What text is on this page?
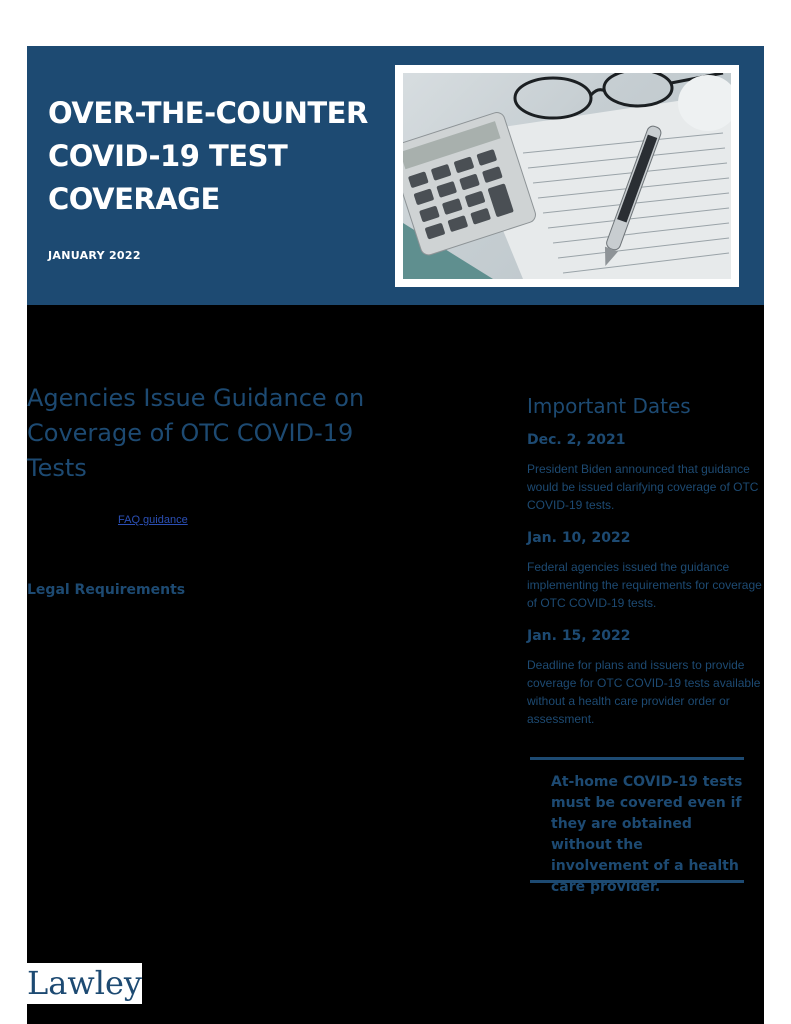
OVER-THE-COUNTER
COVID-19 TEST
COVERAGE
JANUARY 2022
Agencies Issue Guidance on
Coverage of OTC COVID-19
Tests
FAQ guidance
Legal Requirements
Important Dates
Dec. 2, 2021
President Biden announced that guidance would be issued clarifying coverage of OTC COVID-19 tests.
Jan. 10, 2022
Federal agencies issued the guidance implementing the requirements for coverage of OTC COVID-19 tests.
Jan. 15, 2022
Deadline for plans and issuers to provide coverage for OTC COVID-19 tests available without a health care provider order or assessment.
At-home COVID-19 tests must be covered even if they are obtained without the involvement of a health care provider.
Lawley
